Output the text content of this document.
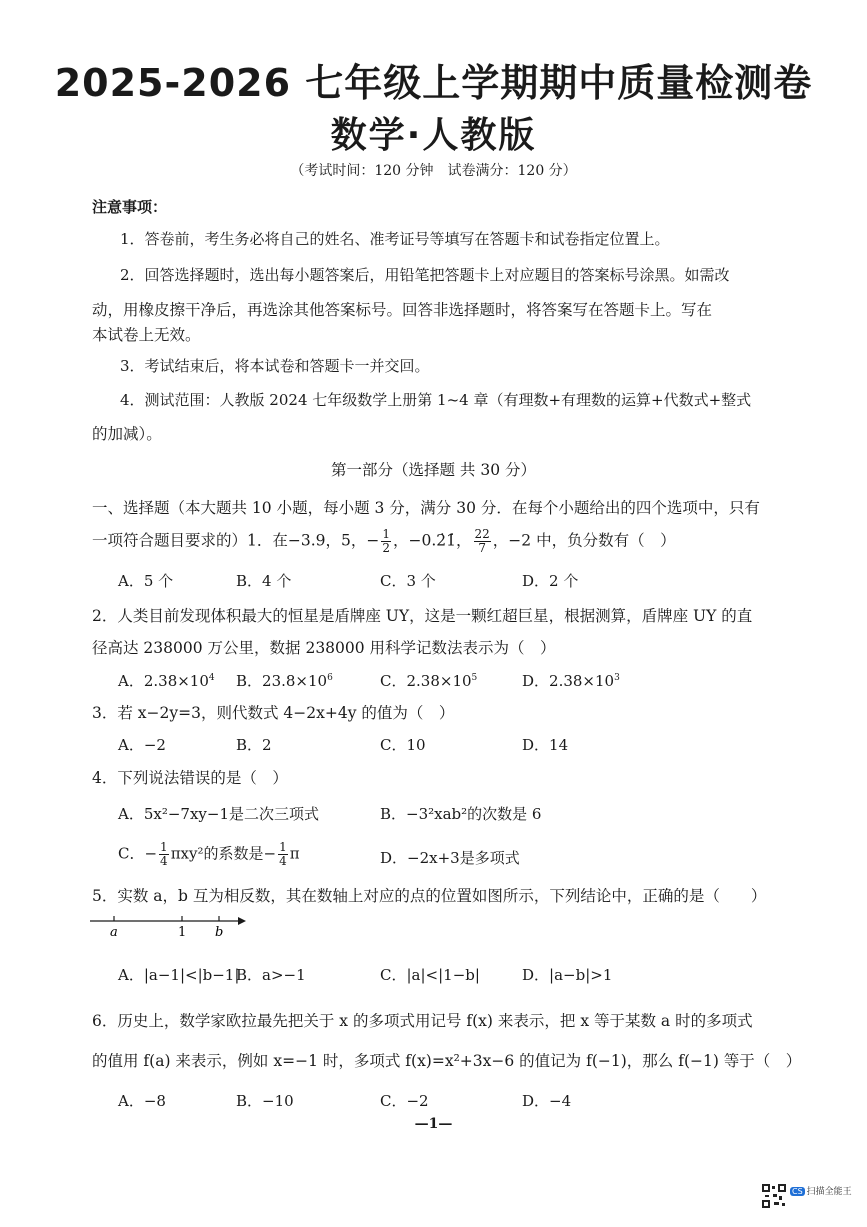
2025-2026 七年级上学期期中质量检测卷
数学·人教版
（考试时间：120 分钟　试卷满分：120 分）
注意事项：
1．答卷前，考生务必将自己的姓名、准考证号等填写在答题卡和试卷指定位置上。
2．回答选择题时，选出每小题答案后，用铅笔把答题卡上对应题目的答案标号涂黑。如需改
动，用橡皮擦干净后，再选涂其他答案标号。回答非选择题时，将答案写在答题卡上。写在
本试卷上无效。
3．考试结束后，将本试卷和答题卡一并交回。
4．测试范围：人教版 2024 七年级数学上册第 1~4 章（有理数+有理数的运算+代数式+整式
的加减）。
第一部分（选择题 共 30 分）
一、选择题（本大题共 10 小题，每小题 3 分，满分 30 分．在每个小题给出的四个选项中，只有
一项符合题目要求的）1．在−3.9，5，− $\frac{1}{2}$ ，−0.2̇1̇， $\frac{22}{7}$ ，−2 中，负分数有（　）
A．5 个	B．4 个	C．3 个	D．2 个
2．人类目前发现体积最大的恒星是盾牌座 UY，这是一颗红超巨星，根据测算，盾牌座 UY 的直
径高达 238000 万公里，数据 238000 用科学记数法表示为（　）
A．$2.38\times 10^4$ B．$23.8\times 10^6$	C．$2.38\times 10^5$	D．$2.38\times 10^3$
3．若 x−2y=3，则代数式 4−2x+4y 的值为（　）
A．−2	B．2	C．10	D．14
4．下列说法错误的是（　）
A．5x²−7xy−1是二次三项式	B．−3²xab²的次数是 6
C．− $\frac{1}{4} \pi xy^2$的系数是− $\frac{1}{4}$ π	D．−2x+3是多项式
5．实数 a，b 互为相反数，其在数轴上对应的点的位置如图所示，下列结论中，正确的是（　　）
a	1 b
A．|a−1|<|b−1|
B．a>−1	C．|a|<|1−b|	D．|a−b|>1
6．历史上，数学家欧拉最先把关于 x 的多项式用记号 f(x) 来表示，把 x 等于某数 a 时的多项式
的值用 f(a) 来表示，例如 x=−1 时，多项式 f(x)=x²+3x−6 的值记为 f(−1)，那么 f(−1) 等于（　）
A．−8	B．−10	C．−2	D．−4
—1—
CS 扫描全能王
